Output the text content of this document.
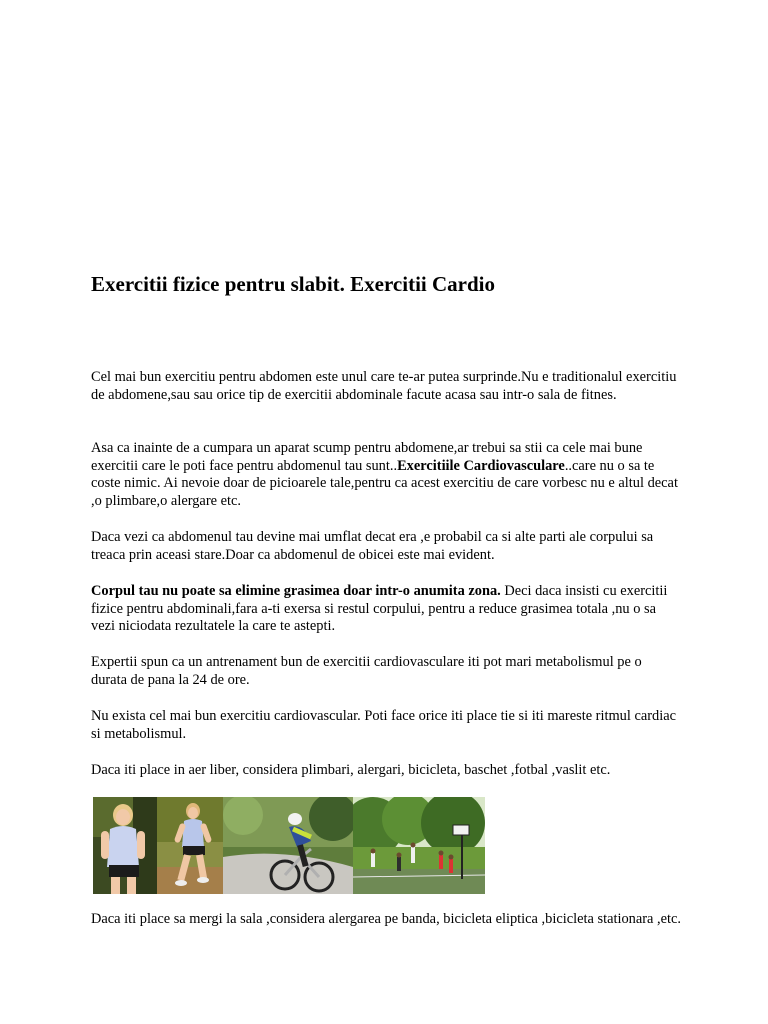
Exercitii fizice pentru slabit. Exercitii Cardio

Cel mai bun exercitiu pentru abdomen este unul care te-ar putea surprinde.Nu e traditionalul exercitiu de abdomene,sau sau orice tip de exercitii abdominale facute acasa sau intr-o sala de fitnes.

Asa ca inainte de a cumpara un aparat scump pentru abdomene,ar trebui sa stii ca cele mai bune exercitii care le poti face pentru abdomenul tau sunt..Exercitiile Cardiovasculare..care nu o sa te coste nimic. Ai nevoie doar de picioarele tale,pentru ca acest exercitiu de care vorbesc nu e altul decat ,o plimbare,o alergare etc.

Daca vezi ca abdomenul tau devine mai umflat decat era ,e probabil ca si alte parti ale corpului sa treaca prin aceasi stare.Doar ca abdomenul de obicei este mai evident.

Corpul tau nu poate sa elimine grasimea doar intr-o anumita zona. Deci daca insisti cu exercitii fizice pentru abdominali,fara a-ti exersa si restul corpului, pentru a reduce grasimea totala ,nu o sa vezi niciodata rezultatele la care te astepti.

Expertii spun ca un antrenament bun de exercitii cardiovasculare iti pot mari metabolismul pe o durata de pana la 24 de ore.

Nu exista cel mai bun exercitiu cardiovascular. Poti face orice iti place tie si iti mareste ritmul cardiac si metabolismul.

Daca iti place in aer liber, considera plimbari, alergari, bicicleta, baschet ,fotbal ,vaslit etc.

Daca iti place sa mergi la sala ,considera alergarea pe banda, bicicleta eliptica ,bicicleta stationara ,etc.
